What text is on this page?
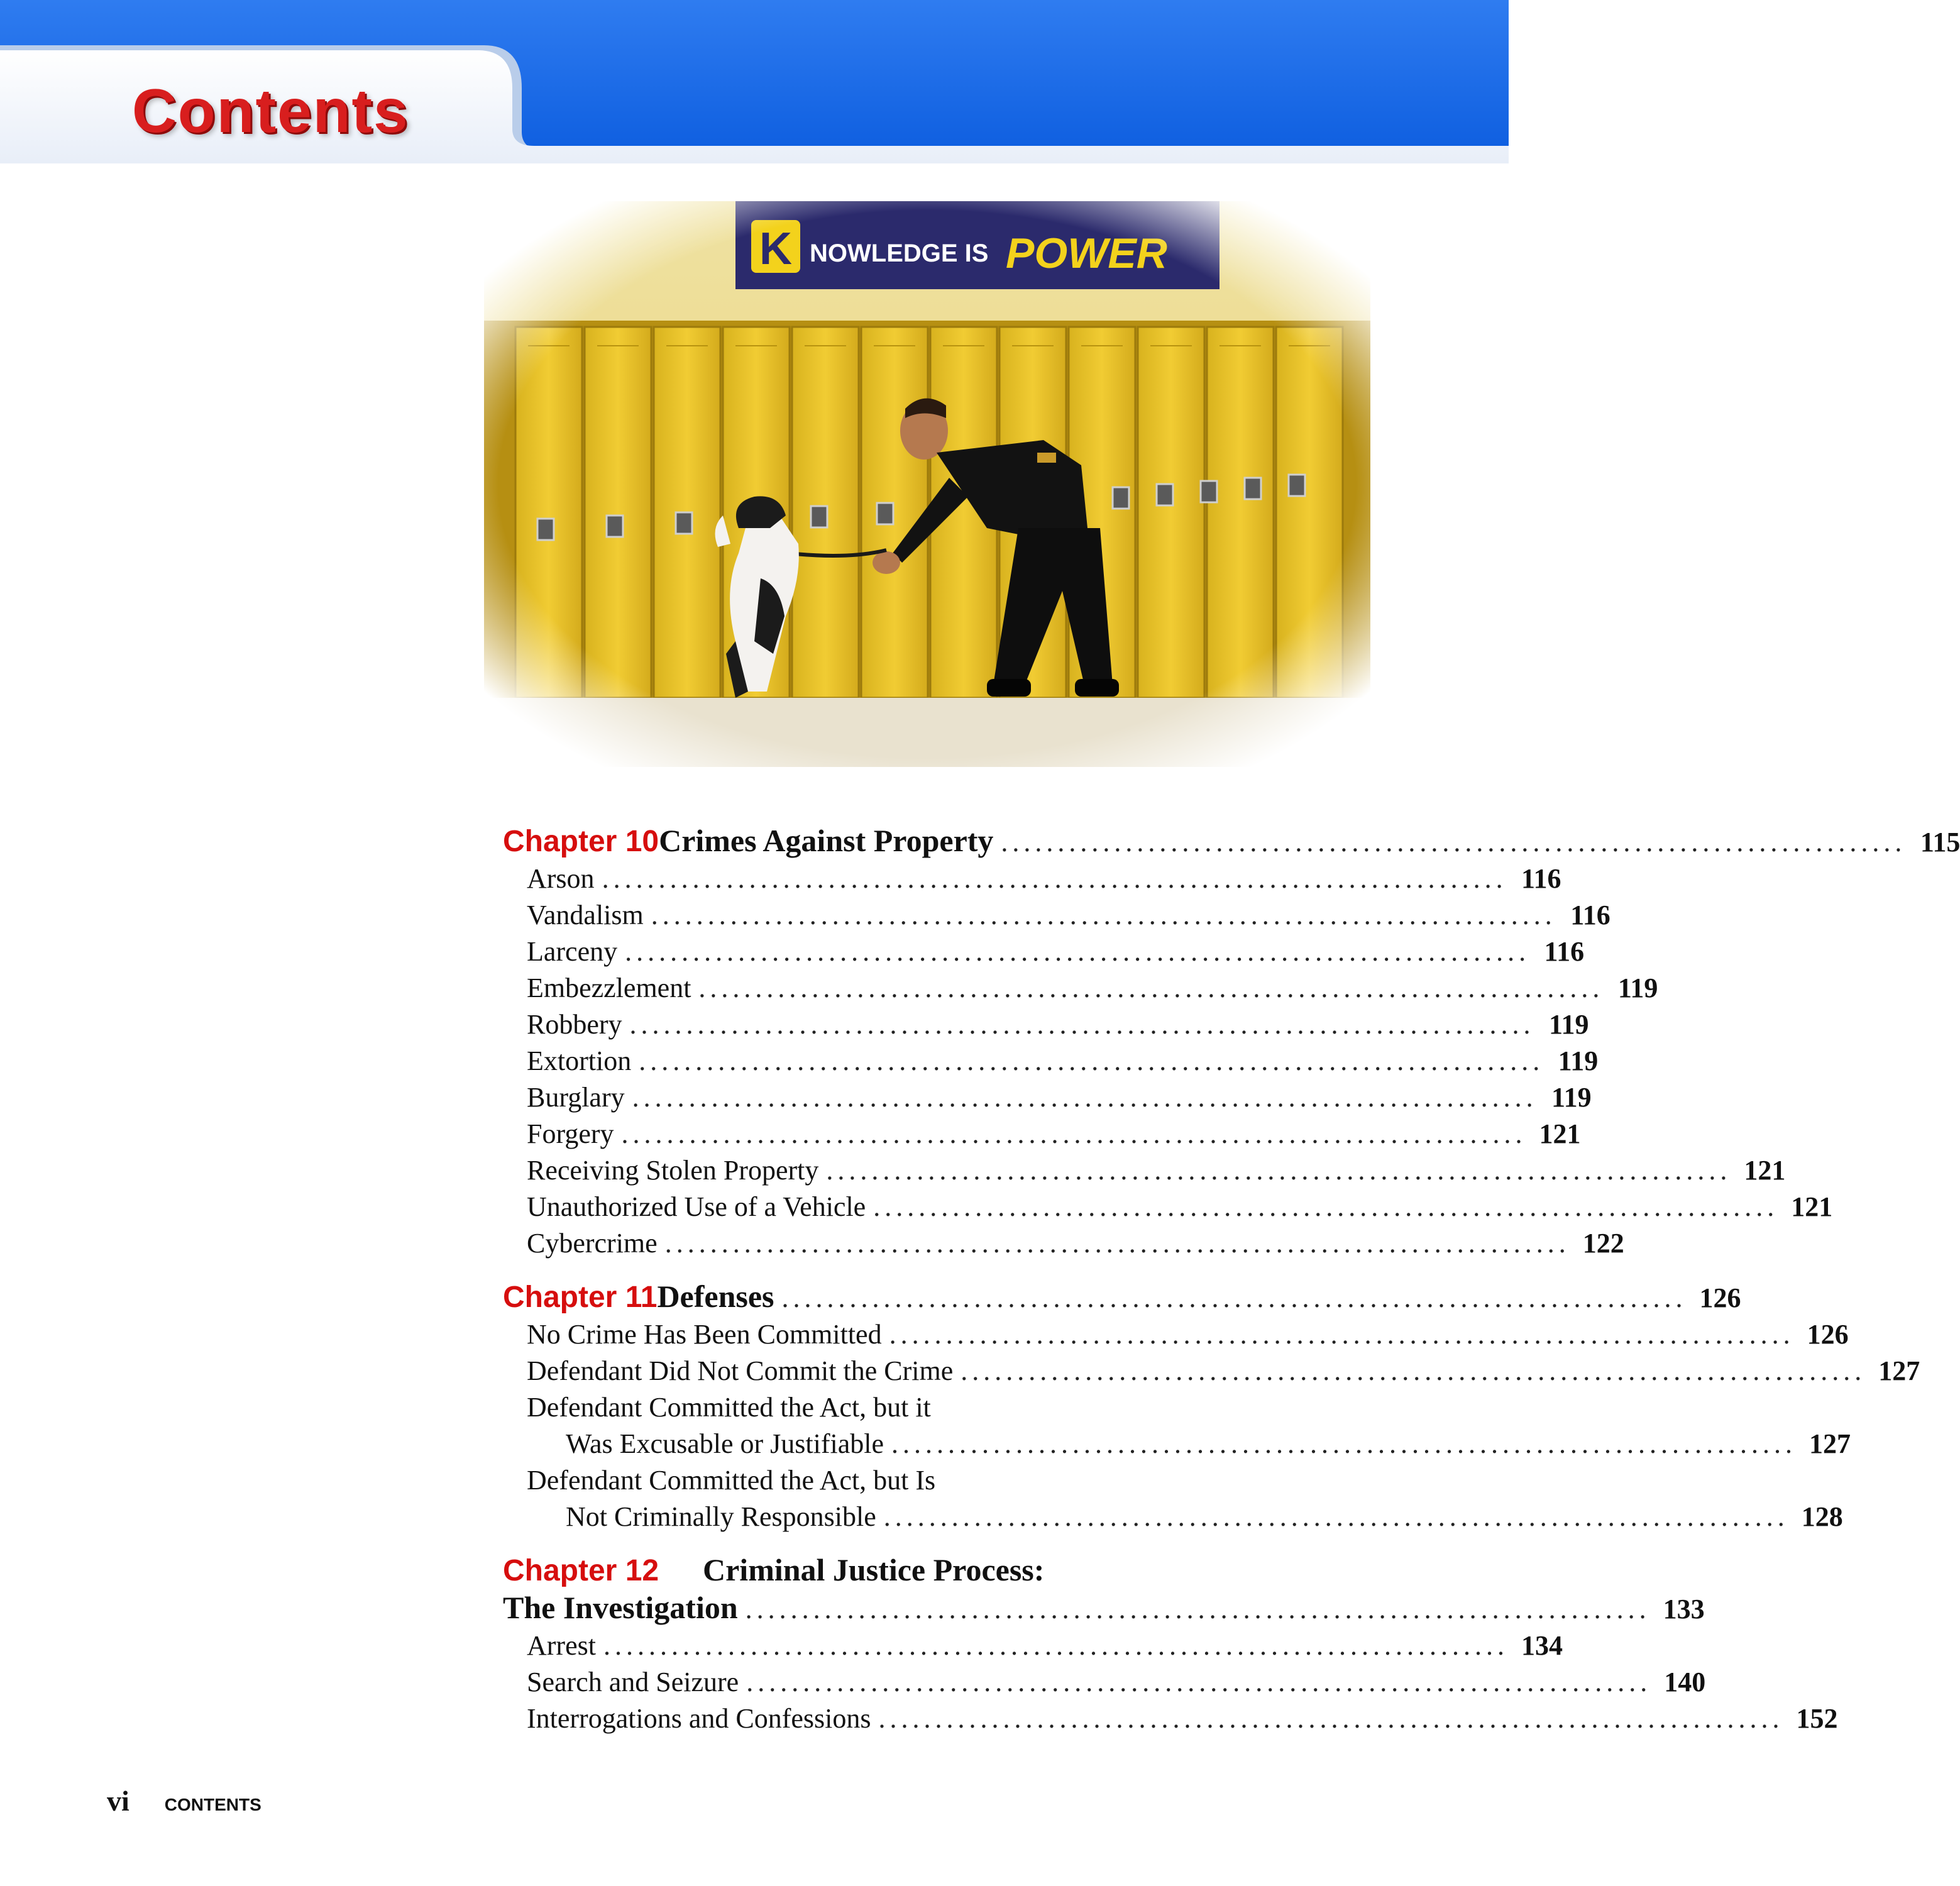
Contents
Chapter 10 Crimes Against Property ................................................................................ 115
Arson ................................................................................ 116
Vandalism ................................................................................ 116
Larceny ................................................................................ 116
Embezzlement ................................................................................ 119
Robbery ................................................................................ 119
Extortion ................................................................................ 119
Burglary ................................................................................ 119
Forgery ................................................................................ 121
Receiving Stolen Property ................................................................................ 121
Unauthorized Use of a Vehicle ................................................................................ 121
Cybercrime ................................................................................ 122
Chapter 11 Defenses ................................................................................ 126
No Crime Has Been Committed ................................................................................ 126
Defendant Did Not Commit the Crime ................................................................................ 127
Defendant Committed the Act, but it
Was Excusable or Justifiable ................................................................................ 127
Defendant Committed the Act, but Is
Not Criminally Responsible ................................................................................ 128
Chapter 12	Criminal Justice Process:
The Investigation ................................................................................ 133
Arrest ................................................................................ 134
Search and Seizure ................................................................................ 140
Interrogations and Confessions ................................................................................ 152
vi CONTENTS
